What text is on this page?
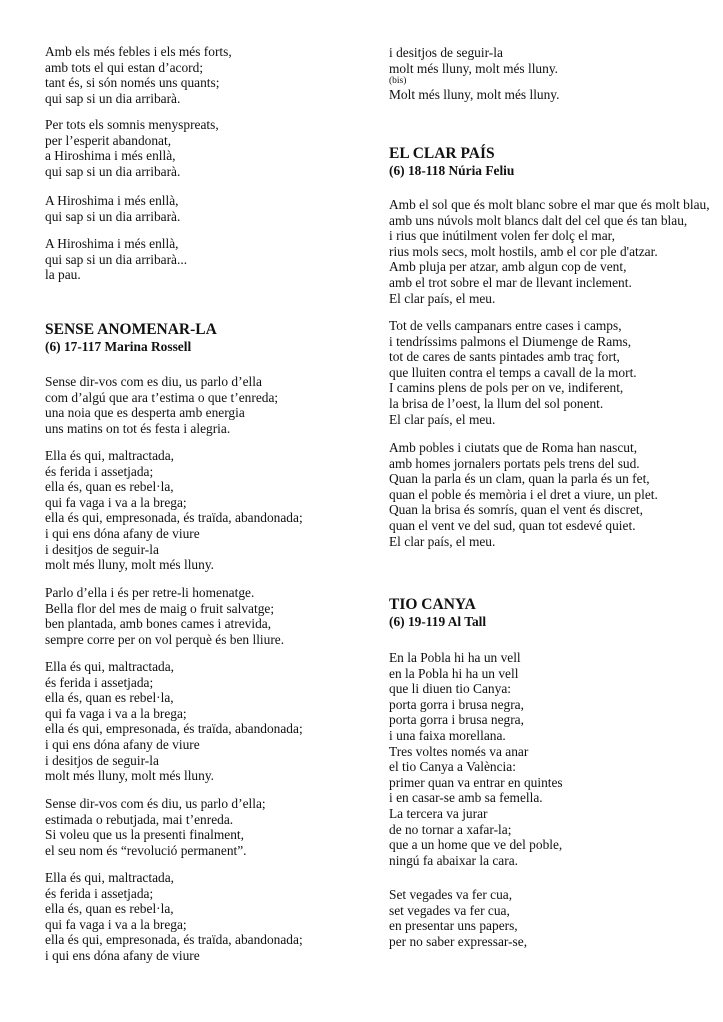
Amb els més febles i els més forts,
amb tots el qui estan d’acord;
tant és, si són només uns quants;
qui sap si un dia arribarà.
Per tots els somnis menyspreats,
per l’esperit abandonat,
a Hiroshima i més enllà,
qui sap si un dia arribarà.
A Hiroshima i més enllà,
qui sap si un dia arribarà.
A Hiroshima i més enllà,
qui sap si un dia arribarà...
la pau.
SENSE ANOMENAR-LA
(6) 17-117 Marina Rossell
Sense dir-vos com es diu, us parlo d’ella
com d’algú que ara t’estima o que t’enreda;
una noia que es desperta amb energia
uns matins on tot és festa i alegria.
Ella és qui, maltractada,
és ferida i assetjada;
ella és, quan es rebel·la,
qui fa vaga i va a la brega;
ella és qui, empresonada, és traïda, abandonada;
i qui ens dóna afany de viure
i desitjos de seguir-la
molt més lluny, molt més lluny.
Parlo d’ella i és per retre-li homenatge.
Bella flor del mes de maig o fruit salvatge;
ben plantada, amb bones cames i atrevida,
sempre corre per on vol perquè és ben lliure.
Ella és qui, maltractada,
és ferida i assetjada;
ella és, quan es rebel·la,
qui fa vaga i va a la brega;
ella és qui, empresonada, és traïda, abandonada;
i qui ens dóna afany de viure
i desitjos de seguir-la
molt més lluny, molt més lluny.
Sense dir-vos com és diu, us parlo d’ella;
estimada o rebutjada, mai t’enreda.
Si voleu que us la presenti finalment,
el seu nom és “revolució permanent”.
Ella és qui, maltractada,
és ferida i assetjada;
ella és, quan es rebel·la,
qui fa vaga i va a la brega;
ella és qui, empresonada, és traïda, abandonada;
i qui ens dóna afany de viure
i desitjos de seguir-la
molt més lluny, molt més lluny.
(bis)
Molt més lluny, molt més lluny.
EL CLAR PAÍS
(6) 18-118 Núria Feliu
Amb el sol que és molt blanc sobre el mar que és molt blau,
amb uns núvols molt blancs dalt del cel que és tan blau,
i rius que inútilment volen fer dolç el mar,
rius mols secs, molt hostils, amb el cor ple d'atzar.
Amb pluja per atzar, amb algun cop de vent,
amb el trot sobre el mar de llevant inclement.
El clar país, el meu.
Tot de vells campanars entre cases i camps,
i tendríssims palmons el Diumenge de Rams,
tot de cares de sants pintades amb traç fort,
que lluiten contra el temps a cavall de la mort.
I camins plens de pols per on ve, indiferent,
la brisa de l’oest, la llum del sol ponent.
El clar país, el meu.
Amb pobles i ciutats que de Roma han nascut,
amb homes jornalers portats pels trens del sud.
Quan la parla és un clam, quan la parla és un fet,
quan el poble és memòria i el dret a viure, un plet.
Quan la brisa és somrís, quan el vent és discret,
quan el vent ve del sud, quan tot esdevé quiet.
El clar país, el meu.
TIO CANYA
(6) 19-119 Al Tall
En la Pobla hi ha un vell
en la Pobla hi ha un vell
que li diuen tio Canya:
porta gorra i brusa negra,
porta gorra i brusa negra,
i una faixa morellana.
Tres voltes només va anar
el tio Canya a València:
primer quan va entrar en quintes
i en casar-se amb sa femella.
La tercera va jurar
de no tornar a xafar-la;
que a un home que ve del poble,
ningú fa abaixar la cara.
Set vegades va fer cua,
set vegades va fer cua,
en presentar uns papers,
per no saber expressar-se,
